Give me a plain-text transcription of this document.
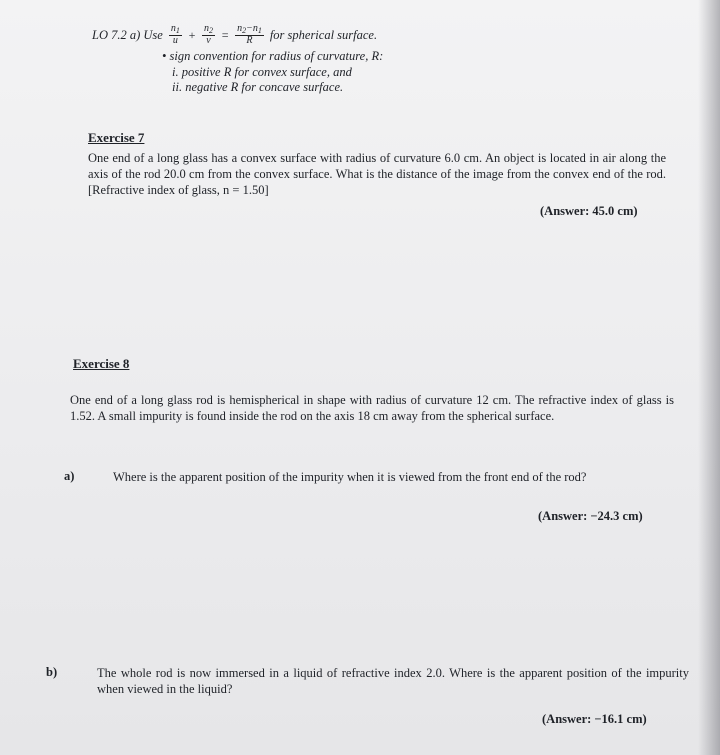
LO 7.2 a) Use $\frac{n_1}{u} + \frac{n_2}{v} = \frac{n_2-n_1}{R}$ for spherical surface.
• sign convention for radius of curvature, R:
i. positive R for convex surface, and
ii. negative R for concave surface.
Exercise 7
One end of a long glass has a convex surface with radius of curvature 6.0 cm. An object is located in air along the axis of the rod 20.0 cm from the convex surface. What is the distance of the image from the convex end of the rod. [Refractive index of glass, n = 1.50]
(Answer: 45.0 cm)
Exercise 8
One end of a long glass rod is hemispherical in shape with radius of curvature 12 cm. The refractive index of glass is 1.52. A small impurity is found inside the rod on the axis 18 cm away from the spherical surface.
a)	Where is the apparent position of the impurity when it is viewed from the front end of the rod?
(Answer: −24.3 cm)
b)	The whole rod is now immersed in a liquid of refractive index 2.0. Where is the apparent position of the impurity when viewed in the liquid?
(Answer: −16.1 cm)
